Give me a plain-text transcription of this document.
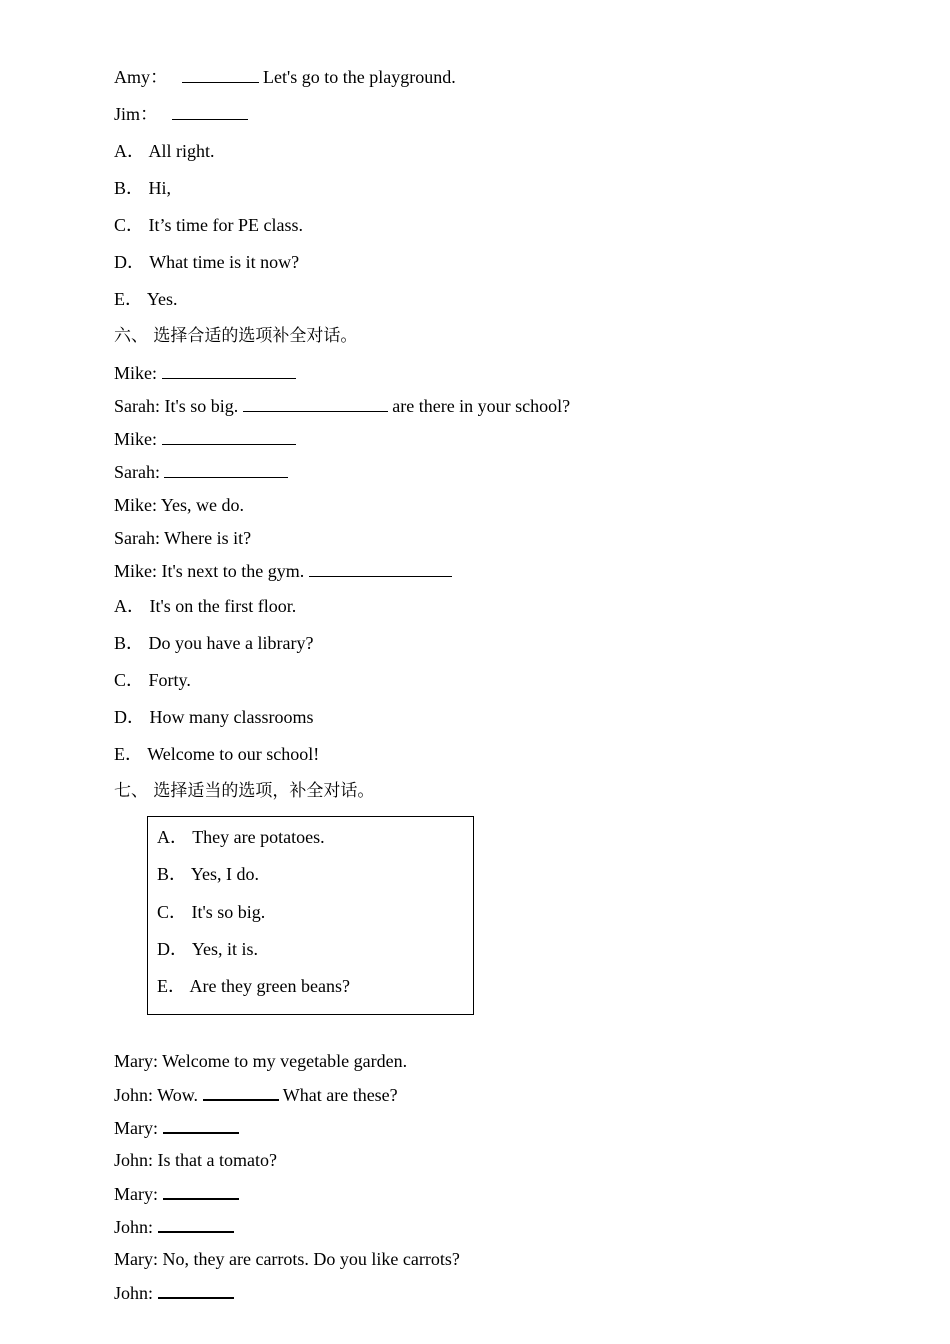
Amy：	Let's go to the playground.
Jim：
A． All right.
B． Hi,
C． It’s time for PE class.
D． What time is it now?
E． Yes.
六、 选择合适的选项补全对话。
Mike:
Sarah: It's so big.	are there in your school?
Mike:
Sarah:
Mike: Yes, we do.
Sarah: Where is it?
Mike: It's next to the gym.
A． It's on the first floor.
B． Do you have a library?
C． Forty.
D． How many classrooms
E． Welcome to our school!
七、 选择适当的选项，补全对话。
A． They are potatoes.
B． Yes, I do.
C． It's so big.
D． Yes, it is.
E． Are they green beans?
Mary: Welcome to my vegetable garden.
John: Wow.	What are these?
Mary:
John: Is that a tomato?
Mary:
John:
Mary: No, they are carrots. Do you like carrots?
John:
